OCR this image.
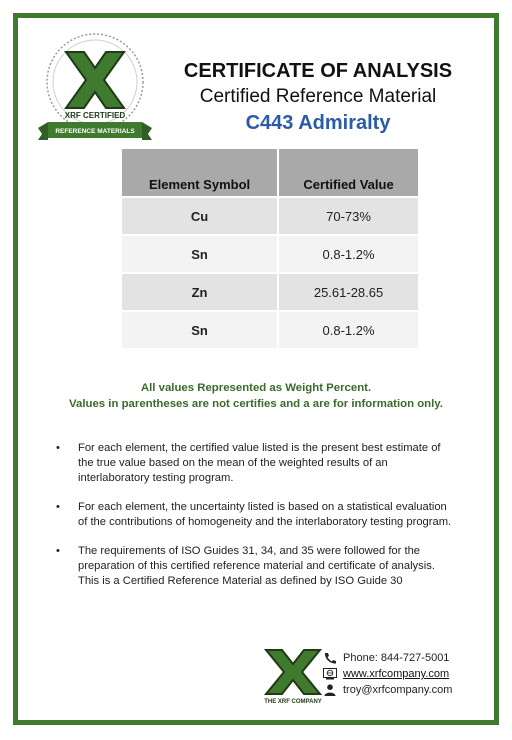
XRF CERTIFIED
REFERENCE MATERIALS
CERTIFICATE OF ANALYSIS
Certified Reference Material
C443 Admiralty
Element Symbol	Certified Value
Cu	70-73%
Sn	0.8-1.2%
Zn	25.61-28.65
Sn	0.8-1.2%
All values Represented as Weight Percent.
Values in parentheses are not certifies and a are for information only.
• For each element, the certified value listed is the present best estimate of the true value based on the mean of the weighted results of an interlaboratory testing program.
• For each element, the uncertainty listed is based on a statistical evaluation of the contributions of homogeneity and the interlaboratory testing program.
• The requirements of ISO Guides 31, 34, and 35 were followed for the preparation of this certified reference material and certificate of analysis. This is a Certified Reference Material as defined by ISO Guide 30
THE XRF COMPANY
Phone: 844-727-5001
www.xrfcompany.com
troy@xrfcompany.com
